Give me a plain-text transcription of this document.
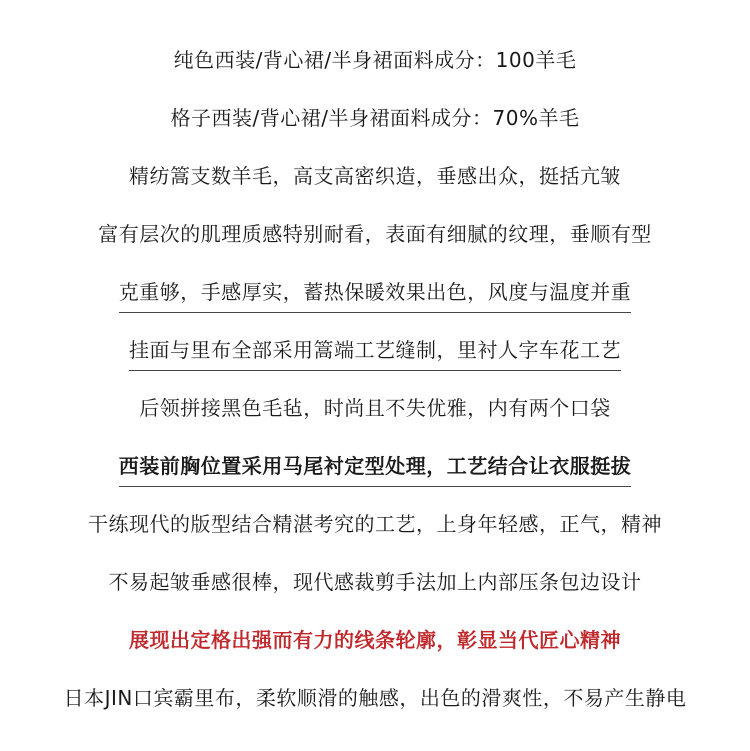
纯色西装/背心裙/半身裙面料成分：100羊毛
格子西装/背心裙/半身裙面料成分：70%羊毛
精纺篙支数羊毛，高支高密织造，垂感出众，挺括亢皱
富有层次的肌理质感特别耐看，表面有细腻的纹理，垂顺有型
克重够，手感厚实，蓄热保暖效果出色，风度与温度并重
挂面与里布全部采用篙端工艺缝制，里衬人字车花工艺
后领拼接黑色毛毡，时尚且不失优雅，内有两个口袋
西装前胸位置采用马尾衬定型处理，工艺结合让衣服挺拔
干练现代的版型结合精湛考究的工艺，上身年轻感，正气，精神
不易起皱垂感很棒，现代感裁剪手法加上内部压条包边设计
展现出定格出强而有力的线条轮廓，彰显当代匠心精神
日本JIN口宾霸里布，柔软顺滑的触感，出色的滑爽性，不易产生静电
